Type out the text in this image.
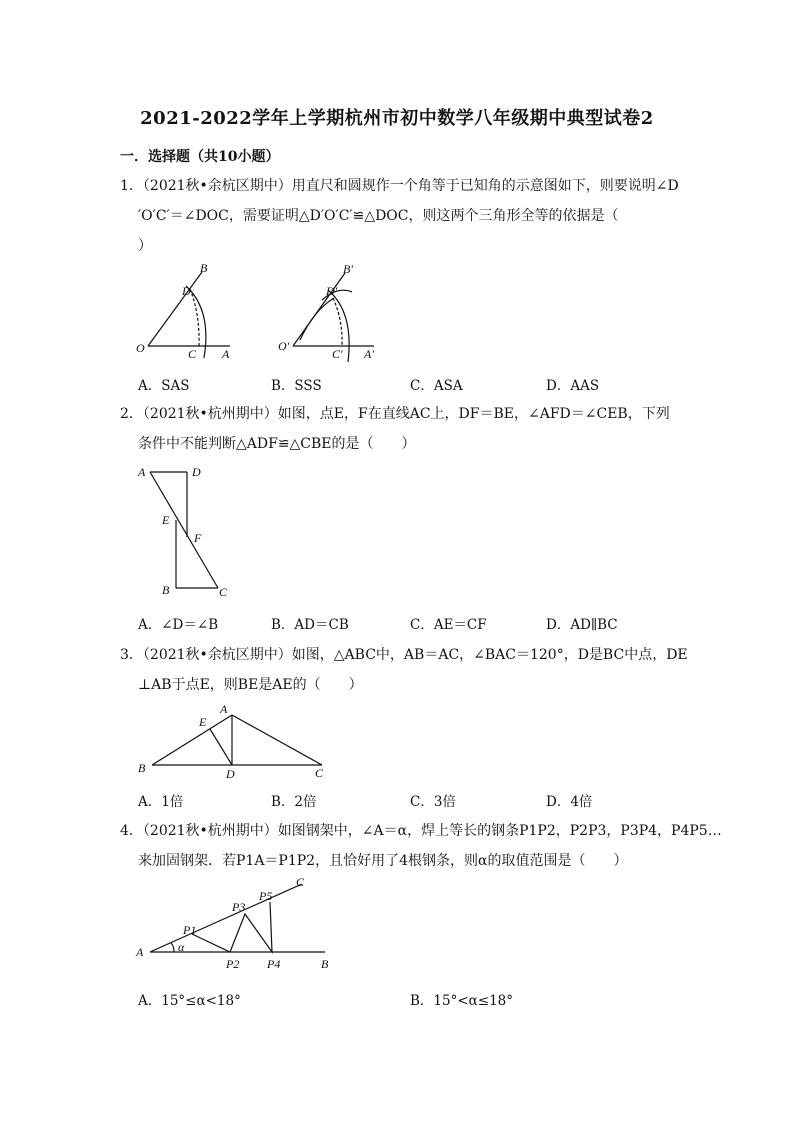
2021-2022学年上学期杭州市初中数学八年级期中典型试卷2
一．选择题（共10小题）
1．（2021秋•余杭区期中）用直尺和圆规作一个角等于已知角的示意图如下，则要说明∠D
′O′C′＝∠DOC，需要证明△D′O′C′≌△DOC，则这两个三角形全等的依据是（
）
B
D
O	C A
B′
D′
O′
C′ A′
A．SAS	B．SSS	C．ASA	D．AAS
2．（2021秋•杭州期中）如图，点E，F在直线AC上，DF＝BE，∠AFD＝∠CEB，下列
条件中不能判断△ADF≌△CBE的是（　　）
A	D
E
F
B	C
A．∠D＝∠B	B．AD＝CB	C．AE＝CF	D．AD∥BC
3．（2021秋•余杭区期中）如图，△ABC中，AB＝AC，∠BAC＝120°，D是BC中点，DE
⊥AB于点E，则BE是AE的（　　）
A
E
B	D	C
A．1倍	B．2倍	C．3倍	D．4倍
4．（2021秋•杭州期中）如图钢架中，∠A＝α，焊上等长的钢条P1P2，P2P3，P3P4，P4P5…
来加固钢架．若P1A＝P1P2，且恰好用了4根钢条，则α的取值范围是（　　）
C
P5
P3
P1
α
A
P2 P4	B
A．15°≤α<18°	B．15°<α≤18°
